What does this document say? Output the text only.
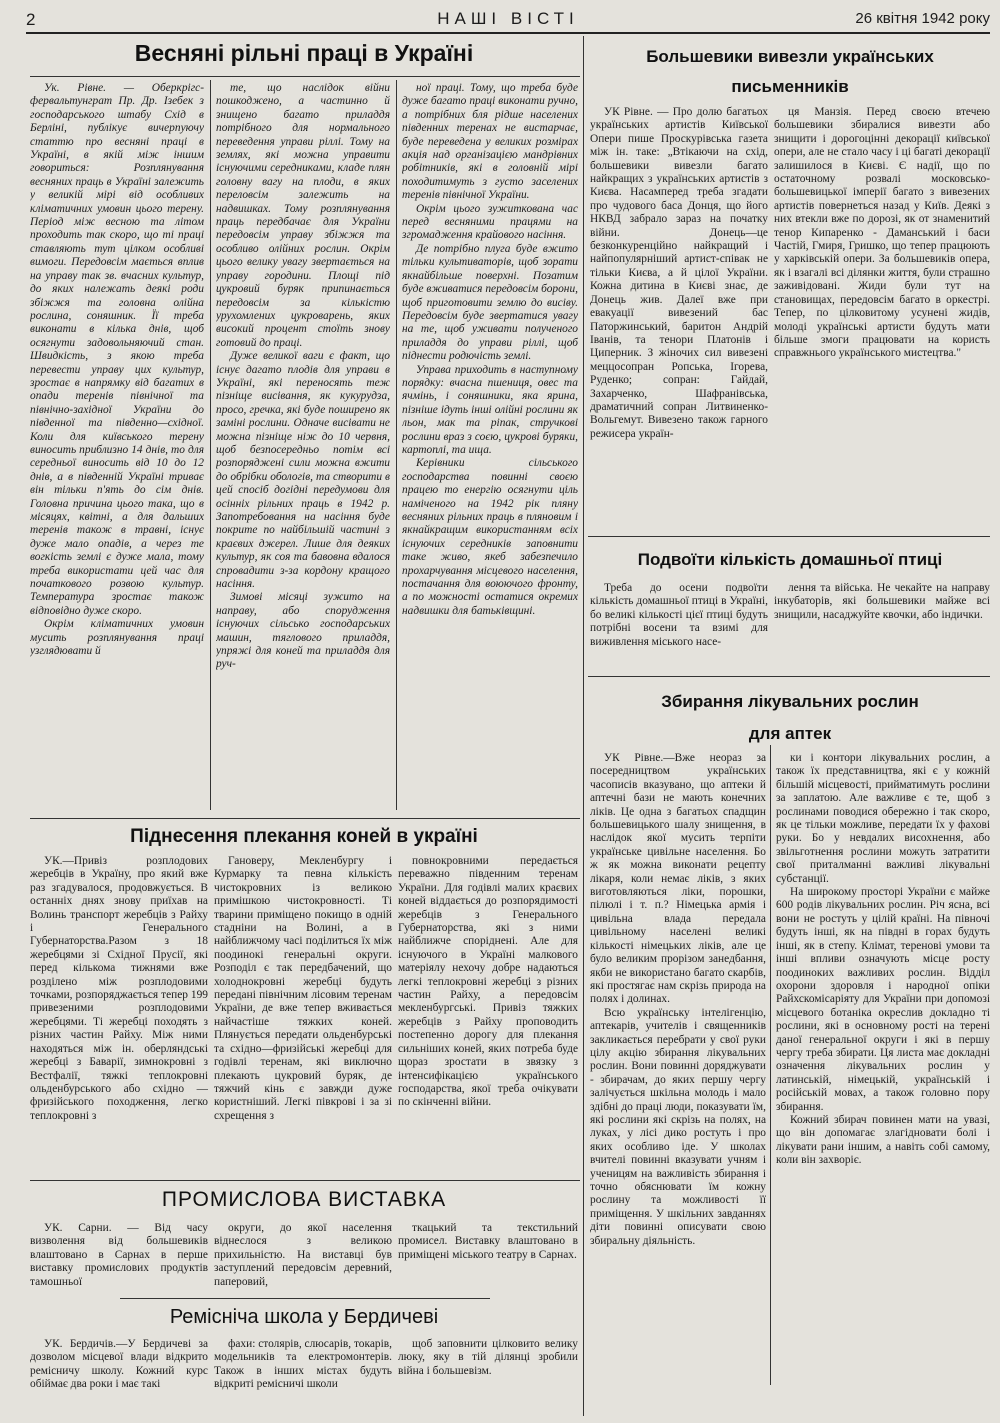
2	НАШІ ВІСТІ	26 квітня 1942 року
Весняні рільні праці в Україні

Ук. Рівне. — Оберкрігс-фервальтунграт Пр. Др. Ізебек з господарського штабу Схід в Берліні, публікує вичерпуючу статтю про весняні праці в Україні, в якій між іншим говориться: Розплянування весняних праць в Україні залежить у великій мірі від особливих кліматичних умовин цього терену. Період між весною та літом проходить так скоро, що ті праці ставляють тут цілком особливі вимоги. Передовсім мається вплив на управу так зв. вчасних культур, до яких належать деякі роди збіжжя та головна олійна рослина, соняшник. Її треба виконати в кілька днів, щоб осягнути задовольняючий стан. Швидкість, з якою треба перевести управу цих культур, зростає в напрямку від багатих в опади теренів північної та північно-західної України до південної та південно—східної. Коли для київського терену виносить приблизно 14 днів, то для середньої виносить від 10 до 12 днів, а в південній Україні триває він тільки п'ять до сім днів. Головна причина цього така, що в місяцях, квітні, а для дальших теренів також в травні, існує дуже мало опадів, а через те вогкість землі є дуже мала, тому треба використати цей час для початкового розвою культур. Температура зростає також відповідно дуже скоро.

Окрім кліматичних умовин мусить розплянування праці узглядювати й

те, що наслідок війни пошкоджено, а частинно й знищено багато приладдя потрібного для нормального переведення управи ріллі. Тому на землях, які можна управити існуючими середниками, кладе плян головну вагу на плоди, в яких переловсім залежить на надвишках. Тому розплянування праць передбачає для України передовсім управу збіжжя та особливо олійних рослин. Окрім цього велику увагу звертається на управу городини. Площі під цукровий буряк припинається передовсім за кількістю урухомлених цукроварень, яких високий процент стоїть знову готовий до праці.

Дуже великої ваги є факт, що існує дагато плодів для управи в Україні, які переносять теж пізніще висівання, як кукурудза, просо, гречка, які буде поширено як заміні рослини. Одначе висівати не можна пізніще ніж до 10 червня, щоб безпосередньо потім всі розпоряджені сили можна вжити до обрібки обологів, та створити в цей спосіб догідні передумови для осінніх рільних праць в 1942 р. Запотребовання на насіння буде покрите по найбільшій частині з краєвих джерел. Лише для деяких культур, як соя та бавовна вдалося спровадити з-за кордону кращого насіння.

Зимові місяці зужито на направу, або спорудження існуючих сільсько господарських машин, тяглового приладдя, упряжі для коней та приладдя для руч-

ної праці. Тому, що треба буде дуже багато праці виконати ручно, а потрібних бля рідше населених південних теренах не вистарчає, буде переведена у великих розмірах акція над організацією мандрівних робітників, які в головній мірі походитимуть з густо заселених теренів північної України.

Окрім цього зужиткована час перед весняними працями на згромадження крайового насіння.

Де потрібно плуга буде вжито тільки культиваторів, щоб зорати якнайбільше поверхні. Позатим буде вживатися передовсім борони, щоб приготовити землю до висіву. Передовсім буде звертатися увагу на те, щоб уживати полученого приладдя до управи ріллі, щоб піднести родючість землі.

Управа приходить в наступному порядку: вчасна пшениця, овес та ячмінь, і соняшники, яка ярина, пізніше ідуть інші олійні рослини як льон, мак та ріпак, стручкові рослини враз з соєю, цукрові буряки, картоплі, та ища.

Керівники сільського господарства повинні своєю працею то енергію осягнути ціль наміченого на 1942 рік пляну весняних рільних праць в пляновим і якнайкращим використанням всіх існуючих середників заповнити таке живо, якеб забезпечило прохарчування місцевого населення, постачання для воюючого фронту, а по можності остатися окремих надвишки для батьківщині.

Піднесення плекання коней в україні

УК.—Привіз розплодових жеребців в Україну, про який вже раз згадувалося, продовжується. В останніх днях знову приїхав на Волинь транспорт жеребців з Райху і Генерального Губернаторства.Разом з 18 жеребцями зі Східної Прусії, які перед кількома тижнями вже розділено між розплодовими точками, розпоряджається тепер 199 привезеними розплодовими жеребцями. Ті жеребці походять з різних частин Райху. Між ними находяться між ін. оберляндські жеребці з Баварії, зимнокровні з Вестфалії, тяжкі теплокровні ольденбурського або східно — фризійського походження, легко теплокровні з

Гановеру, Мекленбургу і Курмарку та певна кількість чистокровних із великою примішкою чистокровності. Ті тварини приміщено покищо в одній стадніни на Волині, а в найближчому часі поділиться їх між поодинокі генеральні округи. Розподіл є так передбачений, що холоднокровні жеребці будуть передані північним лісовим теренам України, де вже тепер вживається найчастіше тяжких коней. Плянується передати ольденбурські та східно—фризійські жеребці для годівлі теренам, які виключно плекають цукровий буряк, де тяжчий кінь є завжди дуже користніший. Легкі півкрові і за зі схрещення з

повнокровними передається переважно південним теренам України. Для годівлі малих краєвих коней віддається до розпорядимості жеребців з Генерального Губернаторства, які з ними найближче споріднені. Але для існуючого в Україні малкового матеріялу нехочу добре надаються легкі теплокровні жеребці з різних частин Райху, а передовсім мекленбургські. Привіз тяжких жеребців з Райху проповодить постепенно дорогу для плекання сильніших коней, яких потреба буде щораз зростати в звязку з інтенсифікацією українського господарства, якої треба очікувати по скінченні війни.

ПРОМИСЛОВА ВИСТАВКА

УК. Сарни. — Від часу визволення від большевиків влаштовано в Сарнах в перше виставку промислових продуктів тамошньої

округи, до якої населення віднеслося з великою прихильністю. На виставці був заступлений передовсім деревний, паперовий,

ткацький та текстильний промисел. Виставку влаштовано в приміщені міського театру в Сарнах.

Ремісніча школа у Бердичеві

УК. Бердичів.—У Бердичеві за дозволом місцевої влади відкрито ремісничу школу. Кожний курс обіймає два роки і має такі

фахи: столярів, слюсарів, токарів, модельників та електромонтерів. Також в інших містах будуть відкриті ремісничі школи

щоб заповнити цілковито велику люку, яку в тій ділянці зробили війна і большевізм.

Большевики вивезли українських
письменників

УК Рівне. — Про долю багатьох українських артистів Київської Опери пише Проскурівська газета між ін. таке: „Втікаючи на схід, большевики вивезли багато найкращих з українських артистів з Києва. Насамперед треба згадати про чудового баса Донця, що його НКВД забрало зараз на початку війни. Донець—це безконкуренційно найкращий і найпопулярніший артист-співак не тільки Києва, а й цілої України. Кожна дитина в Києві знає, де Донець жив. Далеї вже при евакуації вивезений бас Паторжинський, баритон Андрій Іванів, та тенори Платонів і Циперник. З жіночих сил вивезені меццосопран Ропська, Ігорева, Руденко; сопран: Гайдай, Захарченко, Шафранівська, драматичний сопран Литвиненко-Вольгемут. Вивезено також гарного режисера україн-

ця Манзія. Перед своєю втечею большевики збиралися вивезти або знищити і дорогоцінні декорації київської опери, але не стало часу і ці багаті декорації залишилося в Києві. Є надії, що по остаточному розвалі московсько-большевицької імперії багато з вивезених артистів повернеться назад у Київ. Деякі з них втекли вже по дорозі, як от знаменитий тенор Кипаренко - Даманський і баси Частій, Гмиря, Гришко, що тепер працюють у харківській опери. За большевиків опера, як і взагалі всі ділянки життя, були страшно заживідовані. Жиди були тут на становищах, передовсім багато в оркестрі. Тепер, по цілковитому усунені жидів, молоді українські артисти будуть мати більше змоги працювати на користь справжнього українського мистецтва."

Подвоїти кількість домашньої птиці

Треба до осени подвоїти кількість домашньої птиці в Україні, бо великі кількості цієї птиці будуть потрібні восени та взимі для виживлення міського насе-

лення та війська. Не чекайте на направу інкубаторів, які большевики майже всі знищили, насаджуйте квочки, або індички.

Збирання лікувальних рослин
для аптек

УК Рівне.—Вже неораз за посередництвом українських часописів вказувано, що аптеки й аптечні бази не мають конечних ліків. Це одна з багатьох спадщин большевицького шалу знищення, в наслідок якої мусить терпіти українське цивільне населення. Бо ж як можна виконати рецепту лікаря, коли немає ліків, з яких виготовляються ліки, порошки, пілюлі і т. п.? Німецька армія і цивільна влада передала цивільному населені великі кількості німецьких ліків, але це було великим прорізом занедбання, якби не використано багато скарбів, які простягає нам скрізь природа на полях і долинах.

Всю українську інтелігенцію, аптекарів, учителів і священників закликається перебрати у свої руки цілу акцію збирання лікувальних рослин. Вони повинні доряджувати - збирачам, до яких першу чергу залічується шкільна молодь і мало здібні до праці люди, показувати їм, які рослини які скрізь на полях, на луках, у лісі дико ростуть і про яких особливо іде. У школах вчителі повинні вказувати учням і ученицям на важливість збирання і точно обяснювати їм кожну рослину та можливості її приміщення. У шкільних завданнях діти повинні описувати свою збиральну діяльність.

ки і контори лікувальних рослин, а також їх представництва, які є у кожній більшій місцевості, прийматимуть рослини за заплатою. Але важливе є те, щоб з рослинами поводися обережно і так скоро, як це тільки можливе, передати їх у фахові руки. Бо у невдалих висохнення, або звільготнення рослини можуть затратити свої приталманні важливі лікувальні субстанції.

На широкому просторі України є майже 600 родів лікувальних рослин. Річ ясна, всі вони не ростуть у цілій країні. На півночі будуть інші, як на півдні в горах будуть інші, як в степу. Клімат, теренові умови та інші впливи означують місце росту поодиноких важливих рослин. Відділ охорони здоровля і народної опіки Райхскомісаріяту для України при допомозі місцевого ботаніка окреслив докладно ті рослини, які в основному рості на терені даної генеральної округи і які в першу чергу треба збирати. Ця листа має докладні означення лікувальних рослин у латинській, німецькій, українській і російській мовах, а також головно пору збирання.

Кожний збирач повинен мати на увазі, що він допомагає злагідновати болі і лікувати рани іншим, а навіть собі самому, коли він захворіє.
